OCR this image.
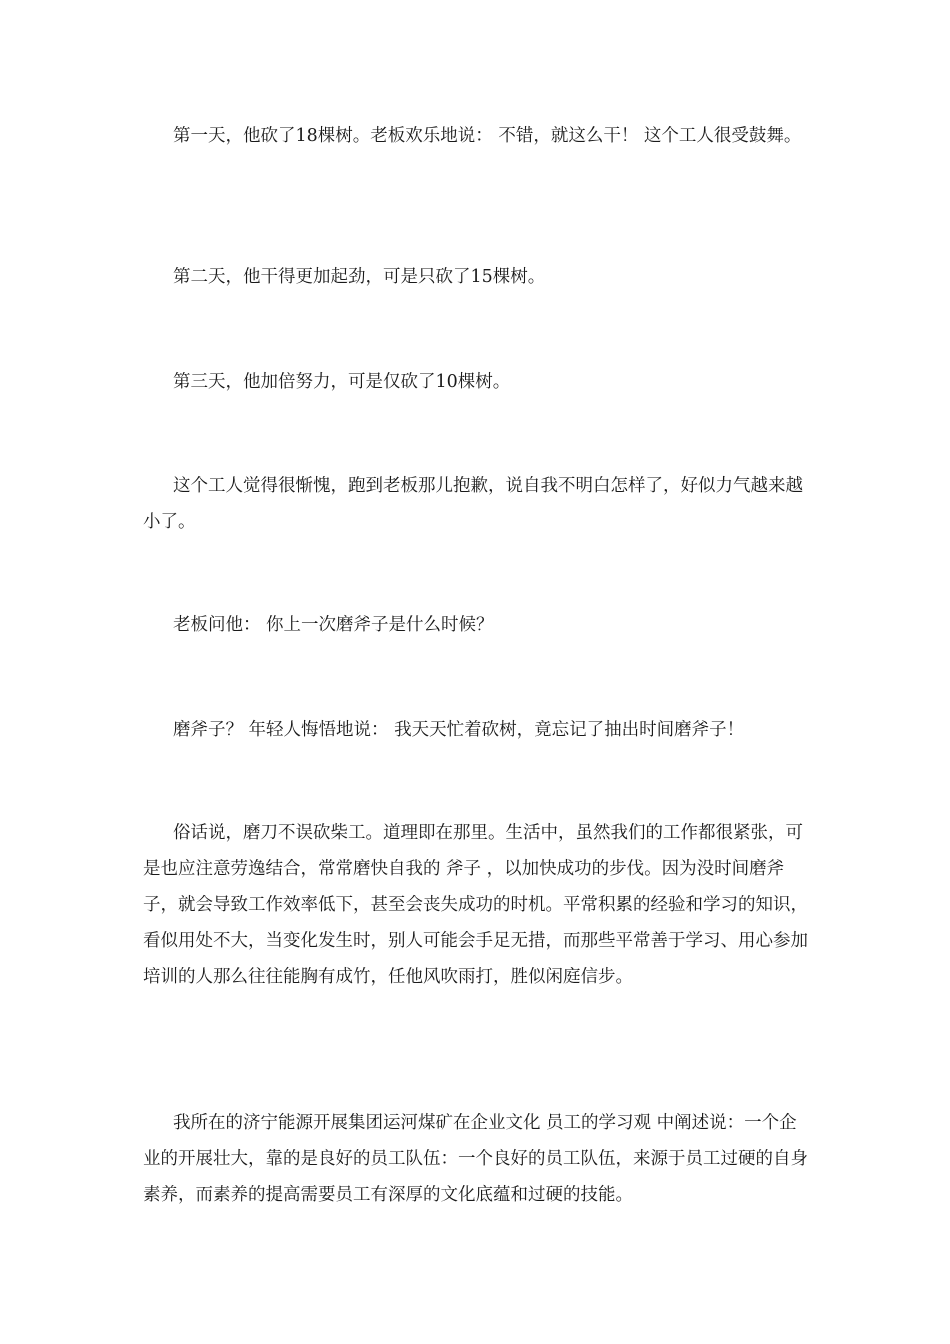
第一天，他砍了18棵树。老板欢乐地说： 不错，就这么干！ 这个工人很受鼓舞。

第二天，他干得更加起劲，可是只砍了15棵树。

第三天，他加倍努力，可是仅砍了10棵树。

这个工人觉得很惭愧，跑到老板那儿抱歉，说自我不明白怎样了，好似力气越来越小了。

老板问他： 你上一次磨斧子是什么时候？

磨斧子？ 年轻人悔悟地说： 我天天忙着砍树，竟忘记了抽出时间磨斧子！

俗话说，磨刀不误砍柴工。道理即在那里。生活中，虽然我们的工作都很紧张，可是也应注意劳逸结合，常常磨快自我的 斧子 ，以加快成功的步伐。因为没时间磨斧子，就会导致工作效率低下，甚至会丧失成功的时机。平常积累的经验和学习的知识，看似用处不大，当变化发生时，别人可能会手足无措，而那些平常善于学习、用心参加培训的人那么往往能胸有成竹，任他风吹雨打，胜似闲庭信步。

我所在的济宁能源开展集团运河煤矿在企业文化 员工的学习观 中阐述说：一个企业的开展壮大，靠的是良好的员工队伍：一个良好的员工队伍，来源于员工过硬的自身素养，而素养的提高需要员工有深厚的文化底蕴和过硬的技能。
